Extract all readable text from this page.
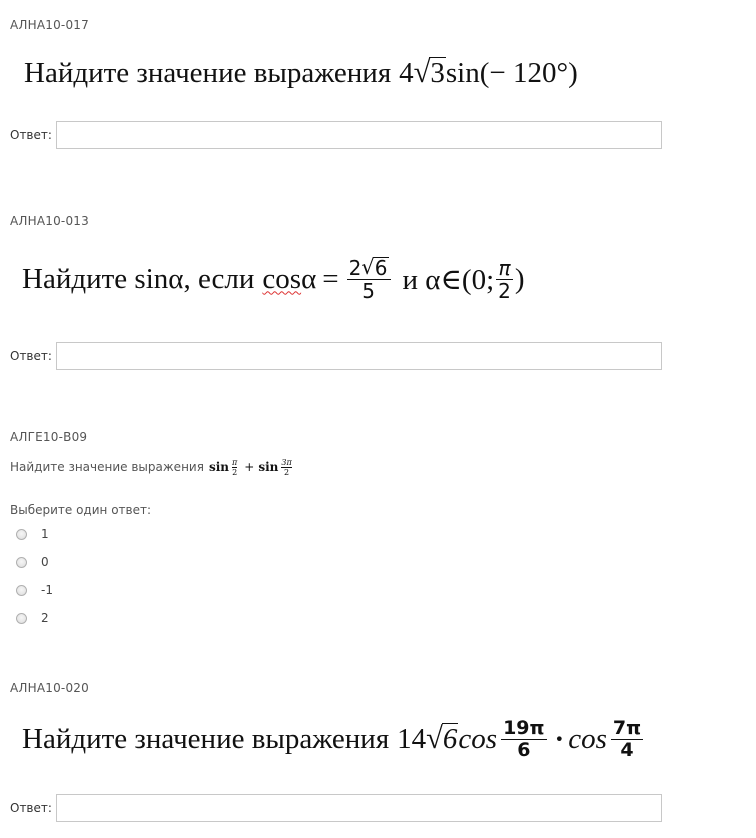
АЛНА10-017
Найдите значение выражения 4 √ 3 sin(− 120°)
Ответ:
АЛНА10-013
Найдите sinα, если $\cos \alpha = \frac{2 √ 6}{5}$ и α∈(0; $\frac{\pi}{2}$ )
Ответ:
АЛГЕ10-В09
Найдите значение выражения $\sin \frac{\pi}{2} + \sin \frac{3\pi}{2}$
Выберите один ответ:
1
0
-1
2
АЛНА10-020
Найдите значение выражения 14 √ 6 $\cos \frac{19\pi}{6} \cdot \cos \frac{7\pi}{4}$
Ответ:
